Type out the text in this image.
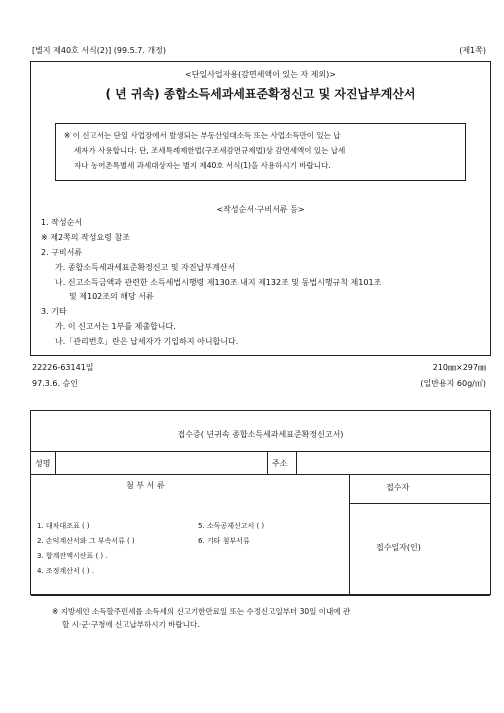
[별지 제40호 서식(2)] (99.5.7. 개정)	(제1쪽)
<단일사업자용(감면세액이 있는 자 제외)>
( 년 귀속) 종합소득세과세표준확정신고 및 자진납부계산서

※ 이 신고서는 단일 사업장에서 발생되는 부동산임대소득 또는 사업소득만이 있는 납

세자가 사용합니다. 단, 조세특례제한법(구조세감면규제법)상 감면세액이 있는 납세

자나 농어촌특별세 과세대상자는 별지 제40호 서식(1)을 사용하시기 바랍니다.

<작성순서·구비서류 등>
1. 작성순서
※ 제2쪽의 작성요령 참조
2. 구비서류
가. 종합소득세과세표준확정신고 및 자진납부계산서
나. 신고소득금액과 관련한 소득세법시행령 제130조 내지 제132조 및 동법시행규칙 제101조
및 제102조의 해당 서류
3. 기타
가. 이 신고서는 1부를 제출합니다.
나.「관리번호」란은 납세자가 기입하지 아니합니다.
22226-63141일	210㎜×297㎜
97.3.6. 승인	(일반용지 60g/㎡)
접수증( 년귀속 종합소득세과세표준확정신고서)
성명	주소
첨 부 서 류	접수자
접수일자(인)
1. 대차대조표 ( )
2. 손익계산서와 그 부속서류 ( )
3. 합계잔액시산표 ( ) .
4. 조정계산서 ( ) .
5. 소득공제신고서 ( )
6. 기타 첨부서류
※ 지방세인 소득할주민세를 소득세의 신고기한만료일 또는 수정신고일부터 30일 이내에 관
할 시·군·구청에 신고납부하시기 바랍니다.
